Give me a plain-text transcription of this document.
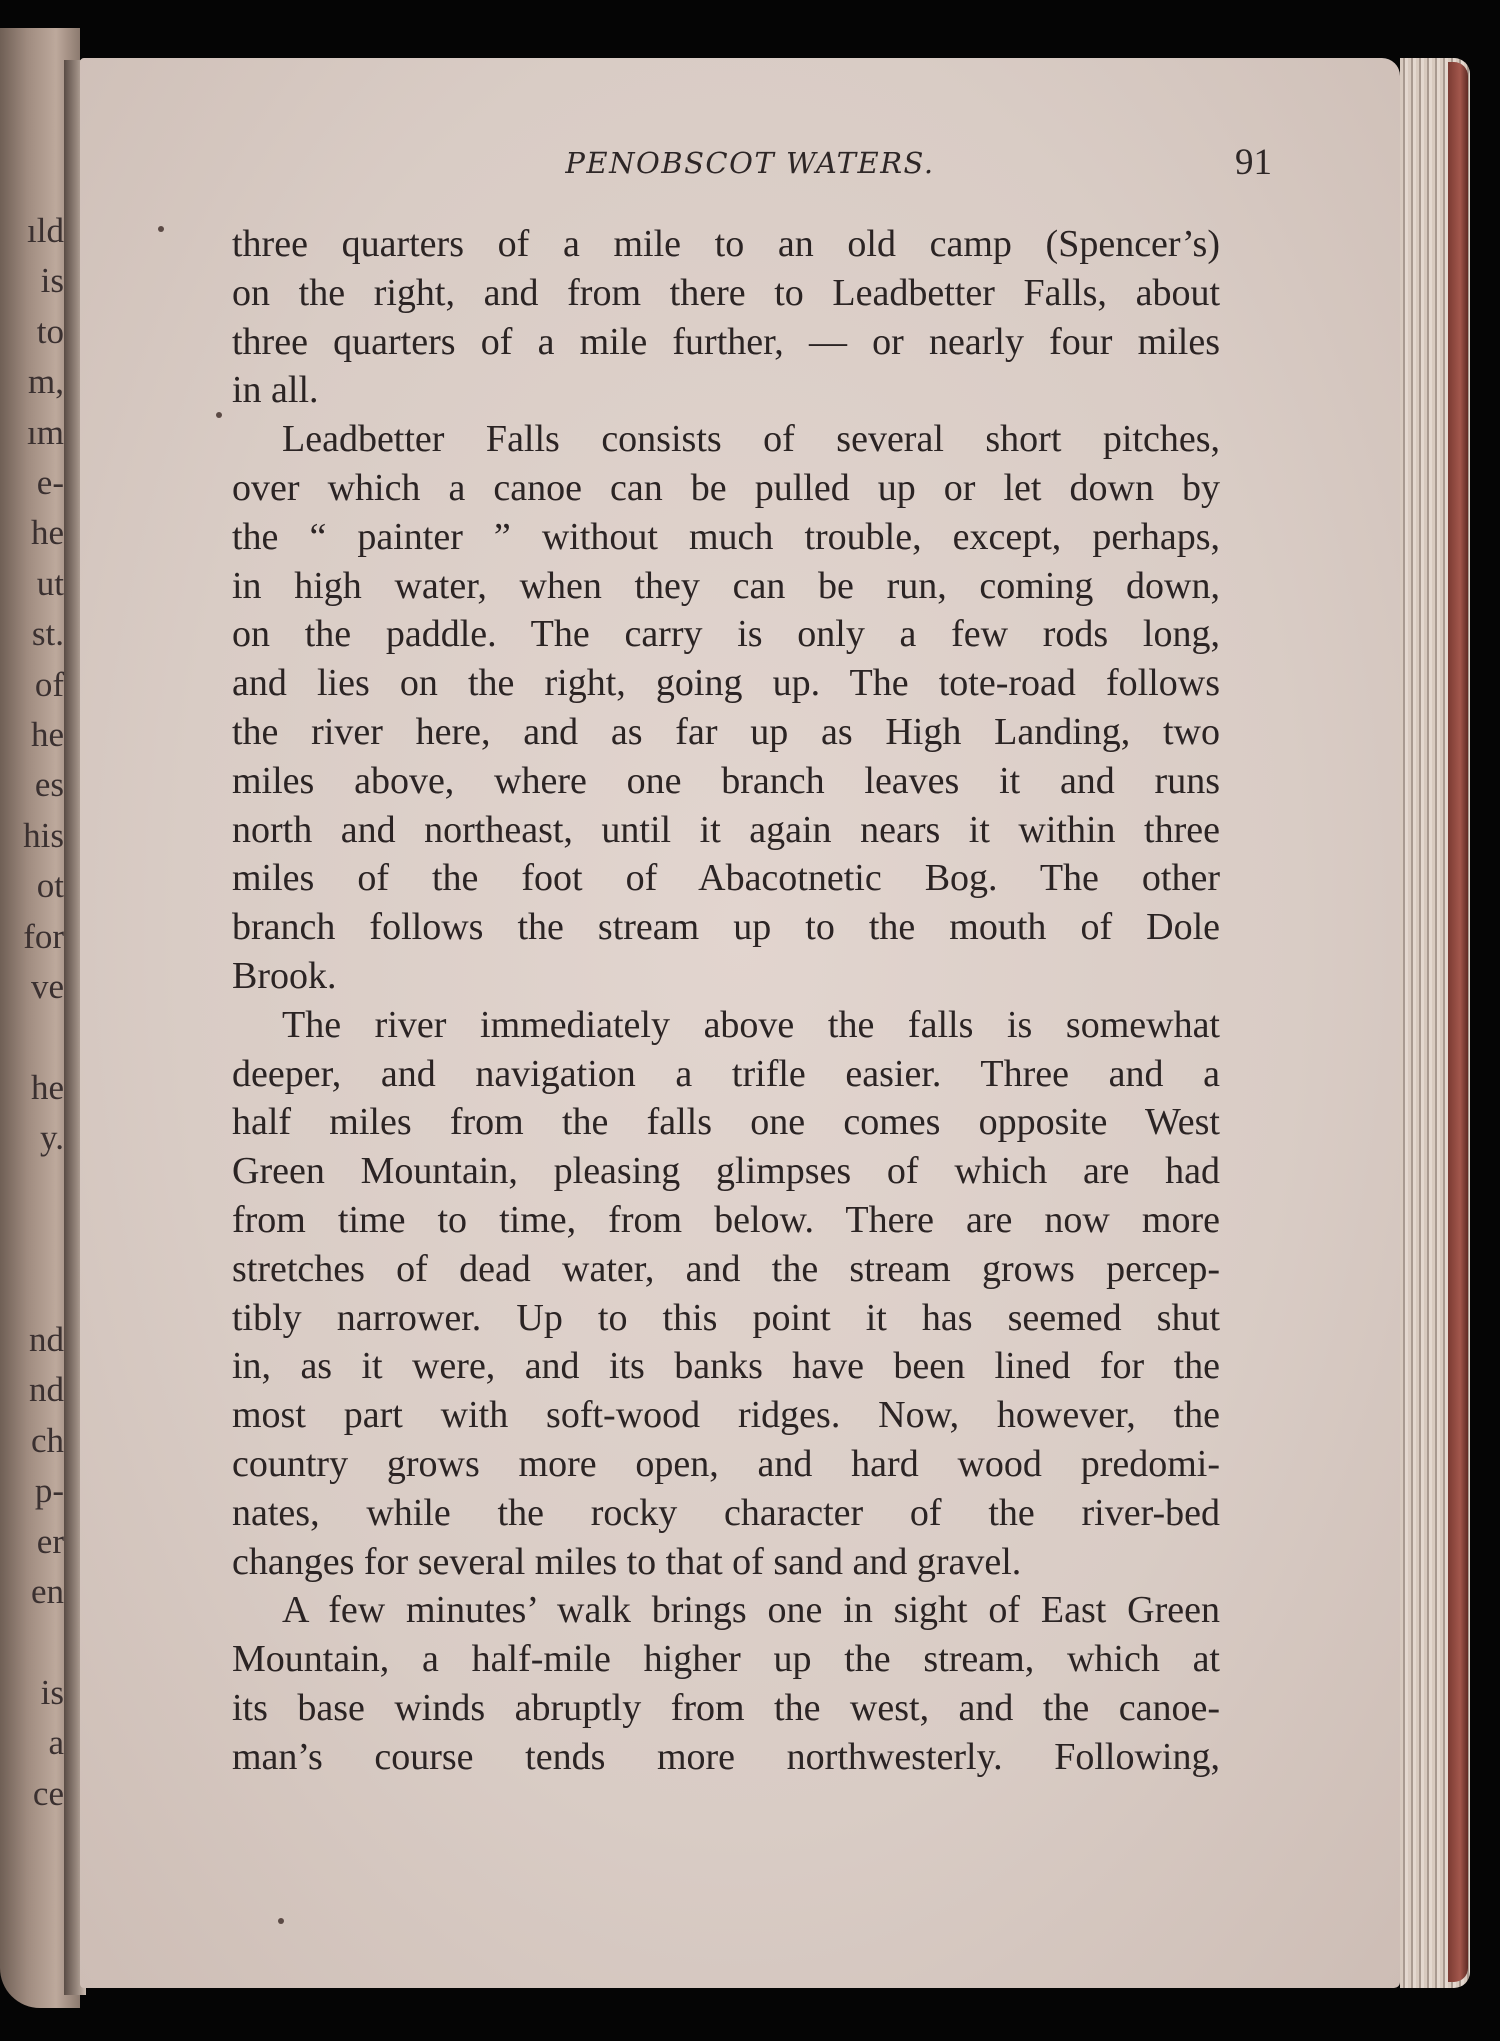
ıld
is
to
m,
ım
e-
he
ut
st.
of
he
es
his
ot
for
ve

he
y.

nd
nd
ch
p-
er
en

is
a
ce
PENOBSCOT WATERS.	91
three quarters of a mile to an old camp (Spencer’s)
on the right, and from there to Leadbetter Falls, about
three quarters of a mile further, — or nearly four miles
in all.
Leadbetter Falls consists of several short pitches,
over which a canoe can be pulled up or let down by
the “ painter ” without much trouble, except, perhaps,
in high water, when they can be run, coming down,
on the paddle. The carry is only a few rods long,
and lies on the right, going up. The tote-road follows
the river here, and as far up as High Landing, two
miles above, where one branch leaves it and runs
north and northeast, until it again nears it within three
miles of the foot of Abacotnetic Bog. The other
branch follows the stream up to the mouth of Dole
Brook.
The river immediately above the falls is somewhat
deeper, and navigation a trifle easier. Three and a
half miles from the falls one comes opposite West
Green Mountain, pleasing glimpses of which are had
from time to time, from below. There are now more
stretches of dead water, and the stream grows percep-
tibly narrower. Up to this point it has seemed shut
in, as it were, and its banks have been lined for the
most part with soft-wood ridges. Now, however, the
country grows more open, and hard wood predomi-
nates, while the rocky character of the river-bed
changes for several miles to that of sand and gravel.
A few minutes’ walk brings one in sight of East Green
Mountain, a half-mile higher up the stream, which at
its base winds abruptly from the west, and the canoe-
man’s course tends more northwesterly. Following,
